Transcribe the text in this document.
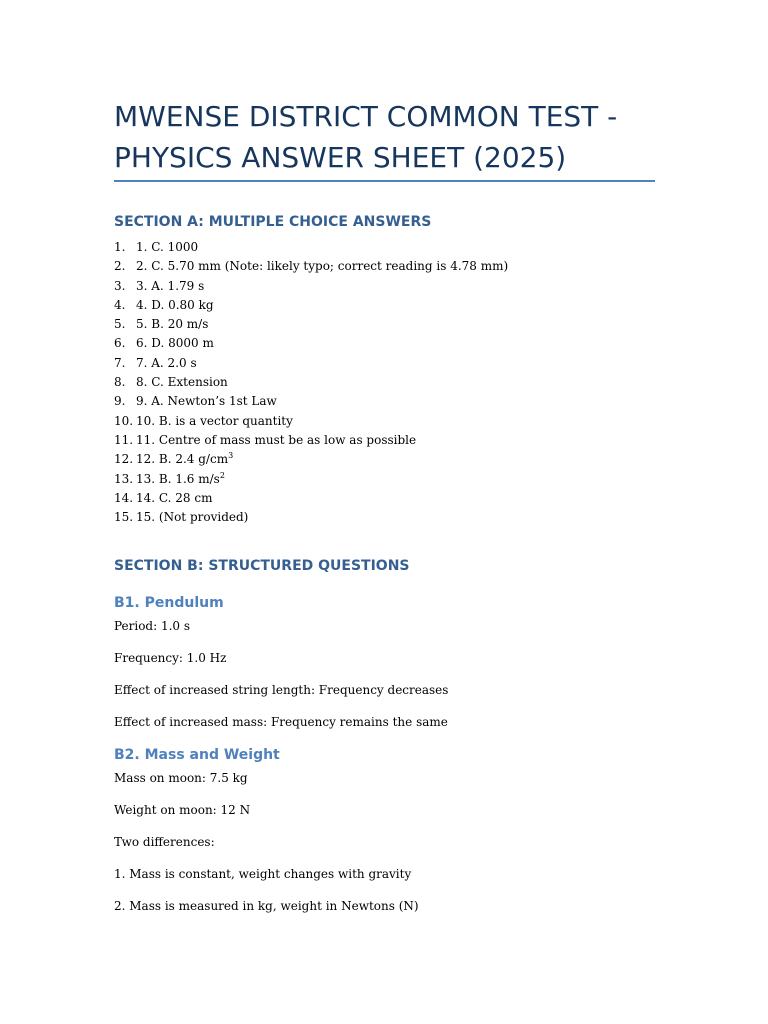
MWENSE DISTRICT COMMON TEST -
PHYSICS ANSWER SHEET (2025)
SECTION A: MULTIPLE CHOICE ANSWERS
1. 1. C. 1000
2. 2. C. 5.70 mm (Note: likely typo; correct reading is 4.78 mm)
3. 3. A. 1.79 s
4. 4. D. 0.80 kg
5. 5. B. 20 m/s
6. 6. D. 8000 m
7. 7. A. 2.0 s
8. 8. C. Extension
9. 9. A. Newton’s 1st Law
10. 10. B. is a vector quantity
11. 11. Centre of mass must be as low as possible
12. 12. B. 2.4 $g/cm^3$
13. 13. B. 1.6 $m/s^2$
14. 14. C. 28 cm
15. 15. (Not provided)
SECTION B: STRUCTURED QUESTIONS
B1. Pendulum
Period: 1.0 s
Frequency: 1.0 Hz
Effect of increased string length: Frequency decreases
Effect of increased mass: Frequency remains the same
B2. Mass and Weight
Mass on moon: 7.5 kg
Weight on moon: 12 N
Two differences:
1. Mass is constant, weight changes with gravity
2. Mass is measured in kg, weight in Newtons (N)
